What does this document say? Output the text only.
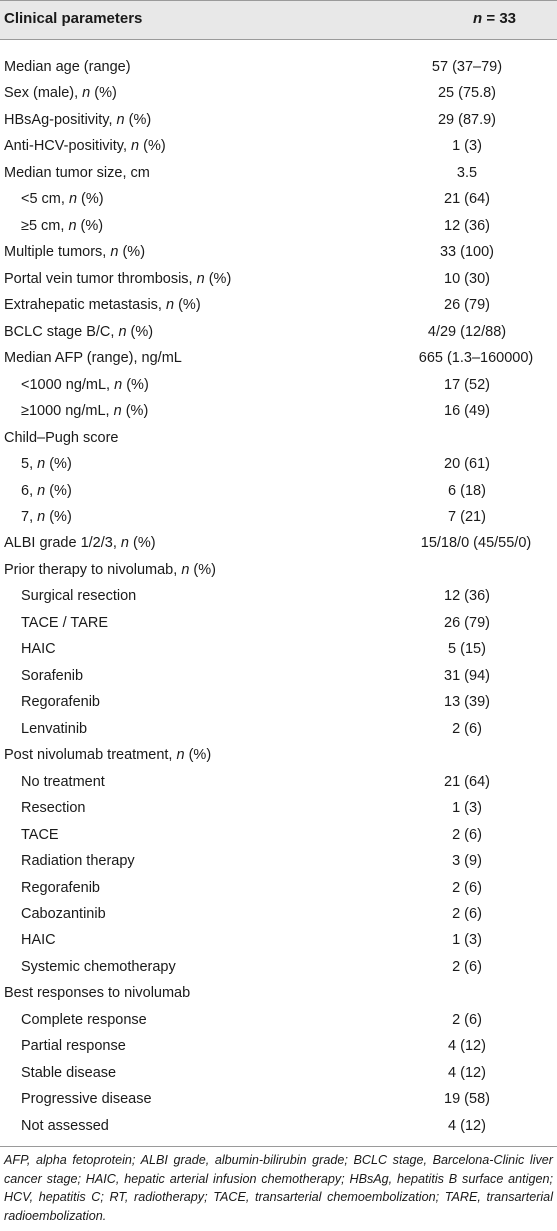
Clinical parameters	n = 33
Median age (range)	57 (37–79)
Sex (male), n (%)	25 (75.8)
HBsAg-positivity, n (%)	29 (87.9)
Anti-HCV-positivity, n (%)	1 (3)
Median tumor size, cm	3.5
<5 cm, n (%)	21 (64)
≥5 cm, n (%)	12 (36)
Multiple tumors, n (%)	33 (100)
Portal vein tumor thrombosis, n (%)	10 (30)
Extrahepatic metastasis, n (%)	26 (79)
BCLC stage B/C, n (%)	4/29 (12/88)
Median AFP (range), ng/mL	665 (1.3–160000)
<1000 ng/mL, n (%)	17 (52)
≥1000 ng/mL, n (%)	16 (49)
Child–Pugh score
5, n (%)	20 (61)
6, n (%)	6 (18)
7, n (%)	7 (21)
ALBI grade 1/2/3, n (%)	15/18/0 (45/55/0)
Prior therapy to nivolumab, n (%)
Surgical resection	12 (36)
TACE / TARE	26 (79)
HAIC	5 (15)
Sorafenib	31 (94)
Regorafenib	13 (39)
Lenvatinib	2 (6)
Post nivolumab treatment, n (%)
No treatment	21 (64)
Resection	1 (3)
TACE	2 (6)
Radiation therapy	3 (9)
Regorafenib	2 (6)
Cabozantinib	2 (6)
HAIC	1 (3)
Systemic chemotherapy	2 (6)
Best responses to nivolumab
Complete response	2 (6)
Partial response	4 (12)
Stable disease	4 (12)
Progressive disease	19 (58)
Not assessed	4 (12)
AFP, alpha fetoprotein; ALBI grade, albumin-bilirubin grade; BCLC stage, Barcelona-Clinic liver cancer stage; HAIC, hepatic arterial infusion chemotherapy; HBsAg, hepatitis B surface antigen; HCV, hepatitis C; RT, radiotherapy; TACE, transarterial chemoembolization; TARE, transarterial radioembolization.
